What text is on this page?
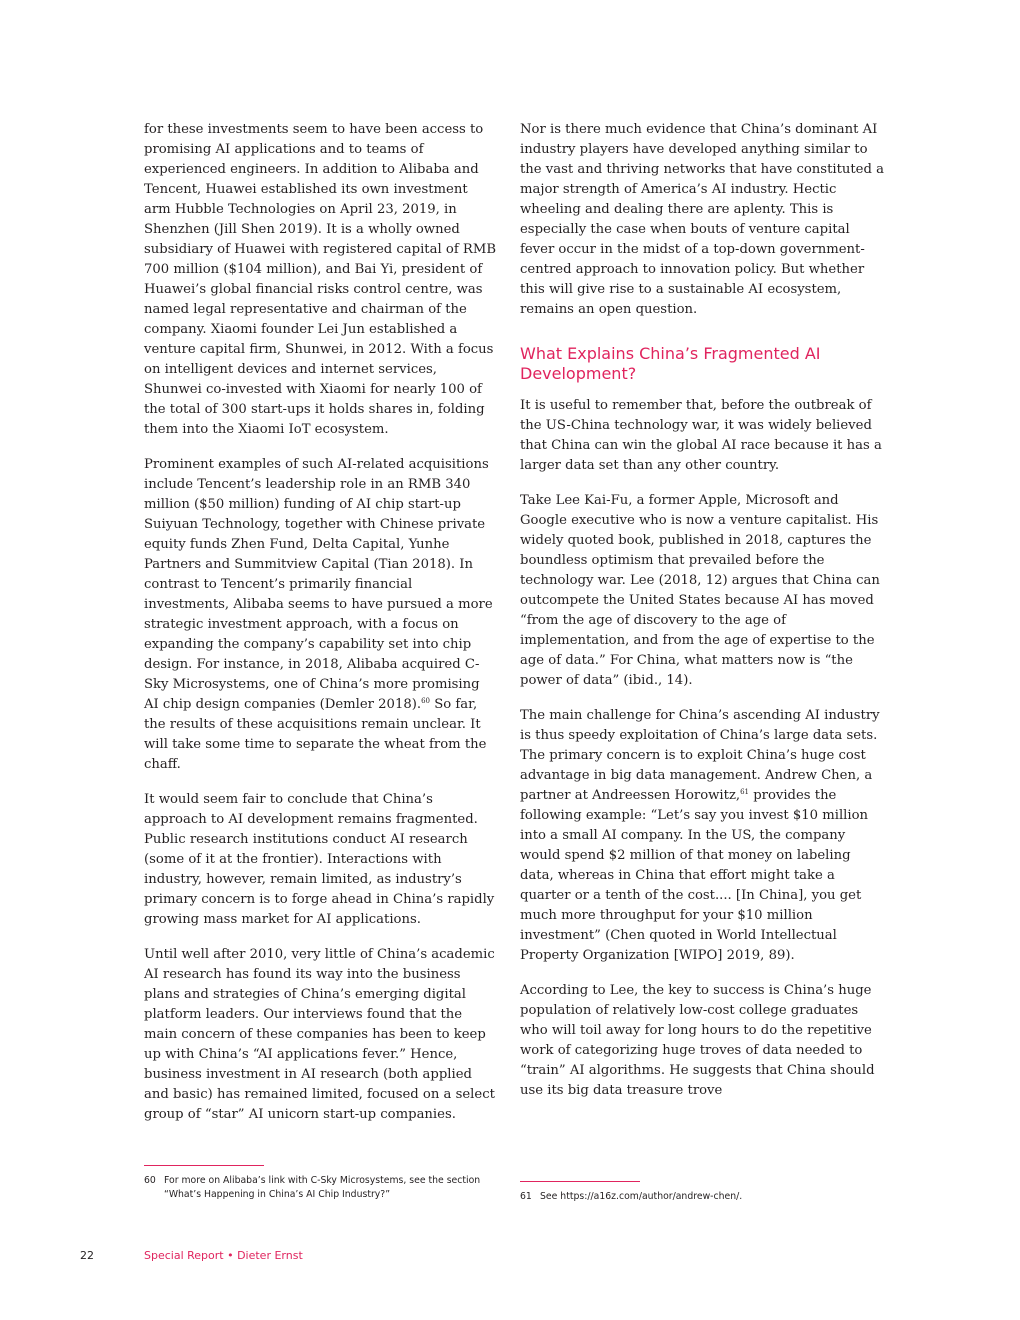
for these investments seem to have been access to promising AI applications and to teams of experienced engineers. In addition to Alibaba and Tencent, Huawei established its own investment arm Hubble Technologies on April 23, 2019, in Shenzhen (Jill Shen 2019). It is a wholly owned subsidiary of Huawei with registered capital of RMB 700 million ($104 million), and Bai Yi, president of Huawei’s global financial risks control centre, was named legal representative and chairman of the company. Xiaomi founder Lei Jun established a venture capital firm, Shunwei, in 2012. With a focus on intelligent devices and internet services, Shunwei co-invested with Xiaomi for nearly 100 of the total of 300 start-ups it holds shares in, folding them into the Xiaomi IoT ecosystem.

Prominent examples of such AI-related acquisitions include Tencent’s leadership role in an RMB 340 million ($50 million) funding of AI chip start-up Suiyuan Technology, together with Chinese private equity funds Zhen Fund, Delta Capital, Yunhe Partners and Summitview Capital (Tian 2018). In contrast to Tencent’s primarily financial investments, Alibaba seems to have pursued a more strategic investment approach, with a focus on expanding the company’s capability set into chip design. For instance, in 2018, Alibaba acquired C-Sky Microsystems, one of China’s more promising AI chip design companies (Demler 2018).$^{60}$ So far, the results of these acquisitions remain unclear. It will take some time to separate the wheat from the chaff.

It would seem fair to conclude that China’s approach to AI development remains fragmented. Public research institutions conduct AI research (some of it at the frontier). Interactions with industry, however, remain limited, as industry’s primary concern is to forge ahead in China’s rapidly growing mass market for AI applications.

Until well after 2010, very little of China’s academic AI research has found its way into the business plans and strategies of China’s emerging digital platform leaders. Our interviews found that the main concern of these companies has been to keep up with China’s “AI applications fever.” Hence, business investment in AI research (both applied and basic) has remained limited, focused on a select group of “star” AI unicorn start-up companies.

Nor is there much evidence that China’s dominant AI industry players have developed anything similar to the vast and thriving networks that have constituted a major strength of America’s AI industry. Hectic wheeling and dealing there are aplenty. This is especially the case when bouts of venture capital fever occur in the midst of a top-down government-centred approach to innovation policy. But whether this will give rise to a sustainable AI ecosystem, remains an open question.

What Explains China’s Fragmented AI Development?

It is useful to remember that, before the outbreak of the US-China technology war, it was widely believed that China can win the global AI race because it has a larger data set than any other country.

Take Lee Kai-Fu, a former Apple, Microsoft and Google executive who is now a venture capitalist. His widely quoted book, published in 2018, captures the boundless optimism that prevailed before the technology war. Lee (2018, 12) argues that China can outcompete the United States because AI has moved “from the age of discovery to the age of implementation, and from the age of expertise to the age of data.” For China, what matters now is “the power of data” (ibid., 14).

The main challenge for China’s ascending AI industry is thus speedy exploitation of China’s large data sets. The primary concern is to exploit China’s huge cost advantage in big data management. Andrew Chen, a partner at Andreessen Horowitz,$^{61}$ provides the following example: “Let’s say you invest $10 million into a small AI company. In the US, the company would spend $2 million of that money on labeling data, whereas in China that effort might take a quarter or a tenth of the cost.... [In China], you get much more throughput for your $10 million investment” (Chen quoted in World Intellectual Property Organization [WIPO] 2019, 89).

According to Lee, the key to success is China’s huge population of relatively low-cost college graduates who will toil away for long hours to do the repetitive work of categorizing huge troves of data needed to “train” AI algorithms. He suggests that China should use its big data treasure trove

60 For more on Alibaba’s link with C-Sky Microsystems, see the section “What’s Happening in China’s AI Chip Industry?”	61 See https://a16z.com/author/andrew-chen/.
22	Special Report • Dieter Ernst
